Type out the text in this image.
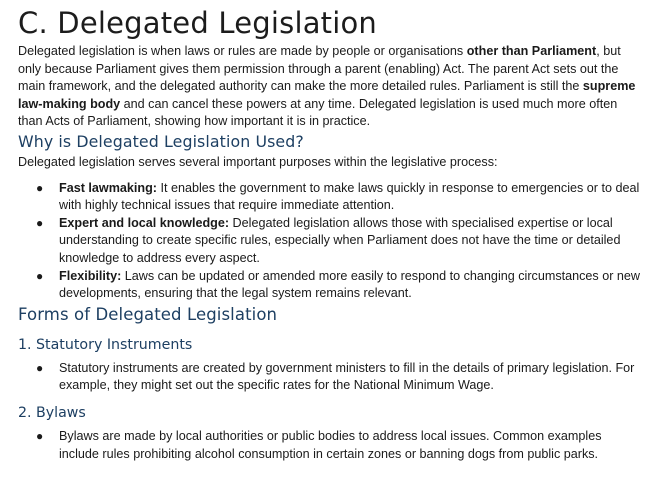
C. Delegated Legislation

Delegated legislation is when laws or rules are made by people or organisations other than Parliament, but only because Parliament gives them permission through a parent (enabling) Act. The parent Act sets out the main framework, and the delegated authority can make the more detailed rules. Parliament is still the supreme law-making body and can cancel these powers at any time. Delegated legislation is used much more often than Acts of Parliament, showing how important it is in practice.

Why is Delegated Legislation Used?

Delegated legislation serves several important purposes within the legislative process:

● Fast lawmaking: It enables the government to make laws quickly in response to emergencies or to deal with highly technical issues that require immediate attention.
● Expert and local knowledge: Delegated legislation allows those with specialised expertise or local understanding to create specific rules, especially when Parliament does not have the time or detailed knowledge to address every aspect.
● Flexibility: Laws can be updated or amended more easily to respond to changing circumstances or new developments, ensuring that the legal system remains relevant.
Forms of Delegated Legislation
1. Statutory Instruments
● Statutory instruments are created by government ministers to fill in the details of primary legislation. For example, they might set out the specific rates for the National Minimum Wage.
2. Bylaws
● Bylaws are made by local authorities or public bodies to address local issues. Common examples include rules prohibiting alcohol consumption in certain zones or banning dogs from public parks.
